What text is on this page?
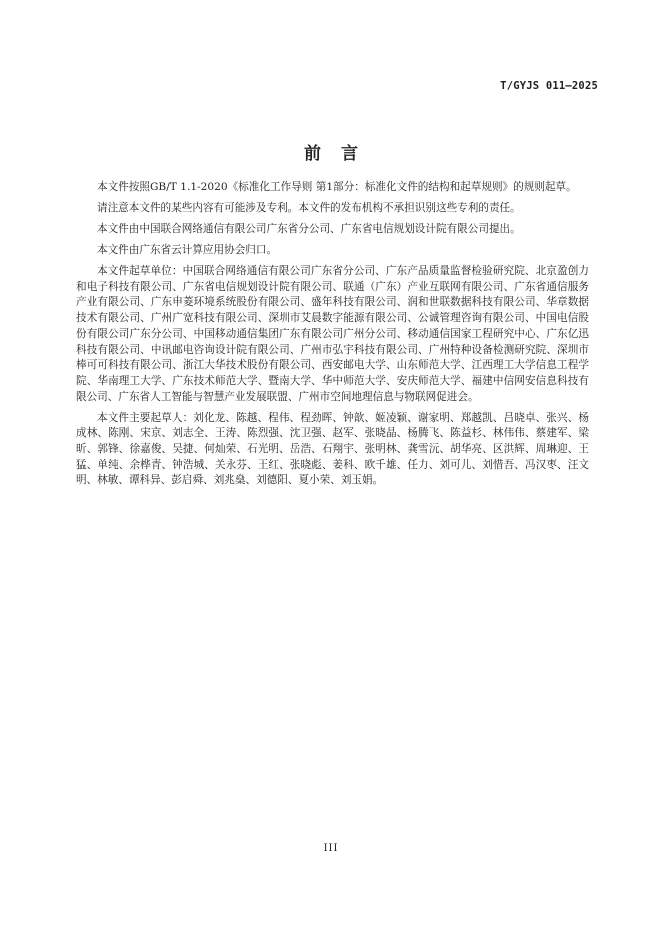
T/GYJS 011—2025
前言

本文件按照GB/T 1.1-2020《标准化工作导则 第1部分：标准化文件的结构和起草规则》的规则起草。

请注意本文件的某些内容有可能涉及专利。本文件的发布机构不承担识别这些专利的责任。

本文件由中国联合网络通信有限公司广东省分公司、广东省电信规划设计院有限公司提出。

本文件由广东省云计算应用协会归口。

本文件起草单位：中国联合网络通信有限公司广东省分公司、广东产品质量监督检验研究院、北京盈创力和电子科技有限公司、广东省电信规划设计院有限公司、联通（广东）产业互联网有限公司、广东省通信服务产业有限公司、广东申菱环境系统股份有限公司、盛年科技有限公司、润和世联数据科技有限公司、华章数据技术有限公司、广州广宽科技有限公司、深圳市艾晨数字能源有限公司、公诚管理咨询有限公司、中国电信股份有限公司广东分公司、中国移动通信集团广东有限公司广州分公司、移动通信国家工程研究中心、广东亿迅科技有限公司、中讯邮电咨询设计院有限公司、广州市弘宇科技有限公司、广州特种设备检测研究院、深圳市棒可可科技有限公司、浙江大华技术股份有限公司、西安邮电大学、山东师范大学、江西理工大学信息工程学院、华南理工大学、广东技术师范大学、暨南大学、华中师范大学、安庆师范大学、福建中信网安信息科技有限公司、广东省人工智能与智慧产业发展联盟、广州市空间地理信息与物联网促进会。

本文件主要起草人：刘化龙、陈越、程伟、程劲晖、钟歆、姬凌颖、谢家明、郑越凯、吕晓卓、张兴、杨成林、陈刚、宋京、刘志全、王涛、陈烈强、沈卫强、赵军、张晓晶、杨腾飞、陈益杉、林伟伟、蔡建军、梁昕、郭锋、徐嘉俊、吴捷、何灿荣、石光明、岳浩、石翔宇、张明林、龚雪沅、胡华亮、区洪辉、周琳迎、王猛、单纯、余桦青、钟浩城、关永芬、王红、张晓彪、姜科、欧千雄、任力、刘可儿、刘惜吾、冯汉枣、汪文明、林敏、谭科异、彭启舜、刘兆燊、刘德阳、夏小荣、刘玉娟。

III
